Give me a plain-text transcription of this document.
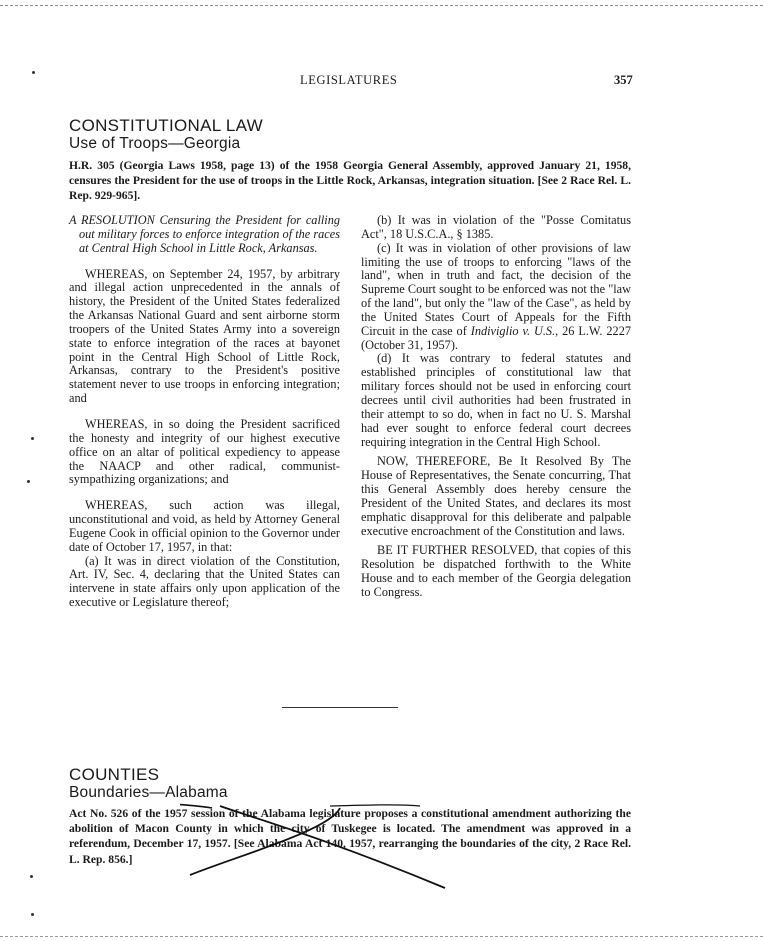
LEGISLATURES	357
CONSTITUTIONAL LAW
Use of Troops—Georgia
H.R. 305 (Georgia Laws 1958, page 13) of the 1958 Georgia General Assembly, approved January 21, 1958, censures the President for the use of troops in the Little Rock, Arkansas, integration situation. [See 2 Race Rel. L. Rep. 929-965].

A RESOLUTION Censuring the President for calling out military forces to enforce integration of the races at Central High School in Little Rock, Arkansas.

WHEREAS, on September 24, 1957, by arbitrary and illegal action unprecedented in the annals of history, the President of the United States federalized the Arkansas National Guard and sent airborne storm troopers of the United States Army into a sovereign state to enforce integration of the races at bayonet point in the Central High School of Little Rock, Arkansas, contrary to the President's positive statement never to use troops in enforcing integration; and

WHEREAS, in so doing the President sacrificed the honesty and integrity of our highest executive office on an altar of political expediency to appease the NAACP and other radical, communist-sympathizing organizations; and

WHEREAS, such action was illegal, unconstitutional and void, as held by Attorney General Eugene Cook in official opinion to the Governor under date of October 17, 1957, in that:

(a) It was in direct violation of the Constitution, Art. IV, Sec. 4, declaring that the United States can intervene in state affairs only upon application of the executive or Legislature thereof;

(b) It was in violation of the "Posse Comitatus Act", 18 U.S.C.A., § 1385.

(c) It was in violation of other provisions of law limiting the use of troops to enforcing "laws of the land", when in truth and fact, the decision of the Supreme Court sought to be enforced was not the "law of the land", but only the "law of the Case", as held by the United States Court of Appeals for the Fifth Circuit in the case of Indiviglio v. U.S., 26 L.W. 2227 (October 31, 1957).

(d) It was contrary to federal statutes and established principles of constitutional law that military forces should not be used in enforcing court decrees until civil authorities had been frustrated in their attempt to so do, when in fact no U. S. Marshal had ever sought to enforce federal court decrees requiring integration in the Central High School.

NOW, THEREFORE, Be It Resolved By The House of Representatives, the Senate concurring, That this General Assembly does hereby censure the President of the United States, and declares its most emphatic disapproval for this deliberate and palpable executive encroachment of the Constitution and laws.

BE IT FURTHER RESOLVED, that copies of this Resolution be dispatched forthwith to the White House and to each member of the Georgia delegation to Congress.

COUNTIES
Boundaries—Alabama
Act No. 526 of the 1957 session of the Alabama legislature proposes a constitutional amendment authorizing the abolition of Macon County in which the city of Tuskegee is located. The amendment was approved in a referendum, December 17, 1957. [See Alabama Act 140, 1957, rearranging the boundaries of the city, 2 Race Rel. L. Rep. 856.]
